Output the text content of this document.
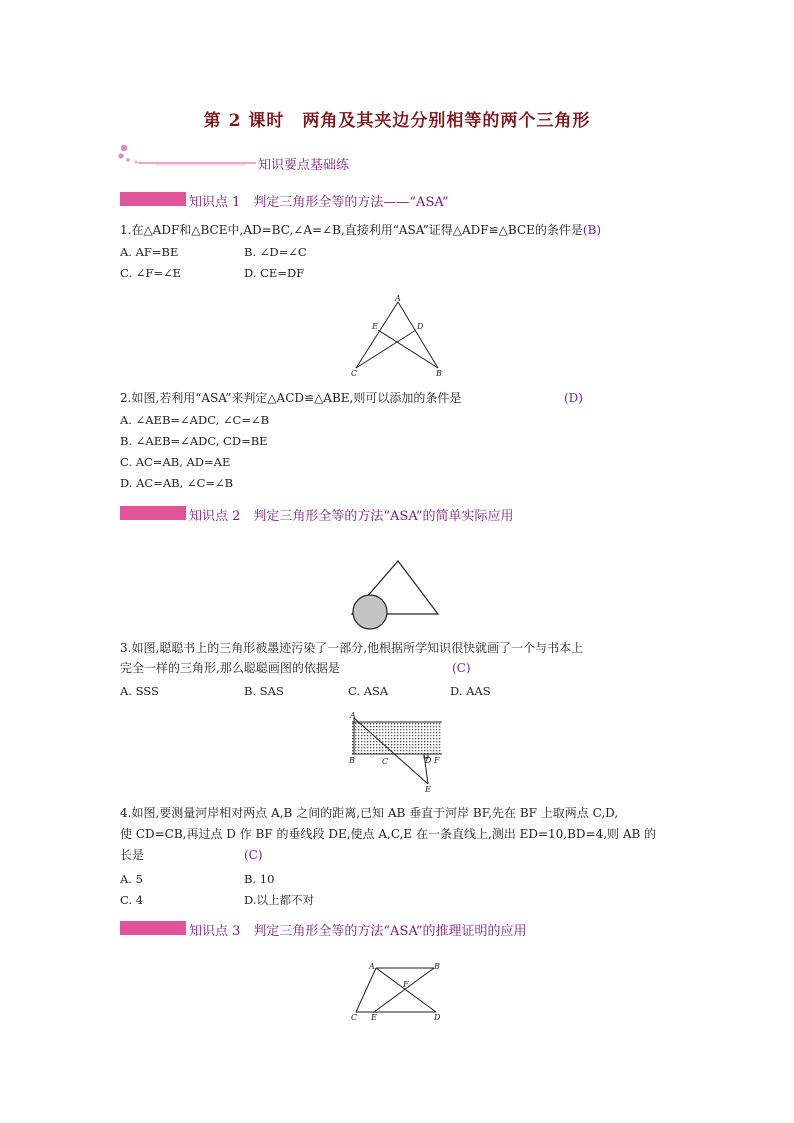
第 2 课时　两角及其夹边分别相等的两个三角形
知识要点基础练
知识点 1　判定三角形全等的方法——“ASA”
1.在△ADF和△BCE中,AD=BC,∠A=∠B,直接利用“ASA”证得△ADF≌△BCE的条件是(B)
A. AF=BE	B. ∠D=∠C
C. ∠F=∠E	D. CE=DF
A
E	D
C	B
2.如图,若利用“ASA”来判定△ACD≌△ABE,则可以添加的条件是	(D)
A. ∠AEB=∠ADC, ∠C=∠B
B. ∠AEB=∠ADC, CD=BE
C. AC=AB, AD=AE
D. AC=AB, ∠C=∠B
知识点 2　判定三角形全等的方法“ASA”的简单实际应用
3.如图,聪聪书上的三角形被墨迹污染了一部分,他根据所学知识很快就画了一个与书本上
完全一样的三角形,那么聪聪画图的依据是	(C)
A. SSS	B. SAS	C. ASA	D. AAS
A
B	C	D F
E
4.如图,要测量河岸相对两点 A,B 之间的距离,已知 AB 垂直于河岸 BF,先在 BF 上取两点 C,D,
使 CD=CB,再过点 D 作 BF 的垂线段 DE,使点 A,C,E 在一条直线上,测出 ED=10,BD=4,则 AB 的
长是	(C)
A. 5	B. 10
C. 4	D.以上都不对
知识点 3　判定三角形全等的方法“ASA”的推理证明的应用
A	B
F
C E	D
